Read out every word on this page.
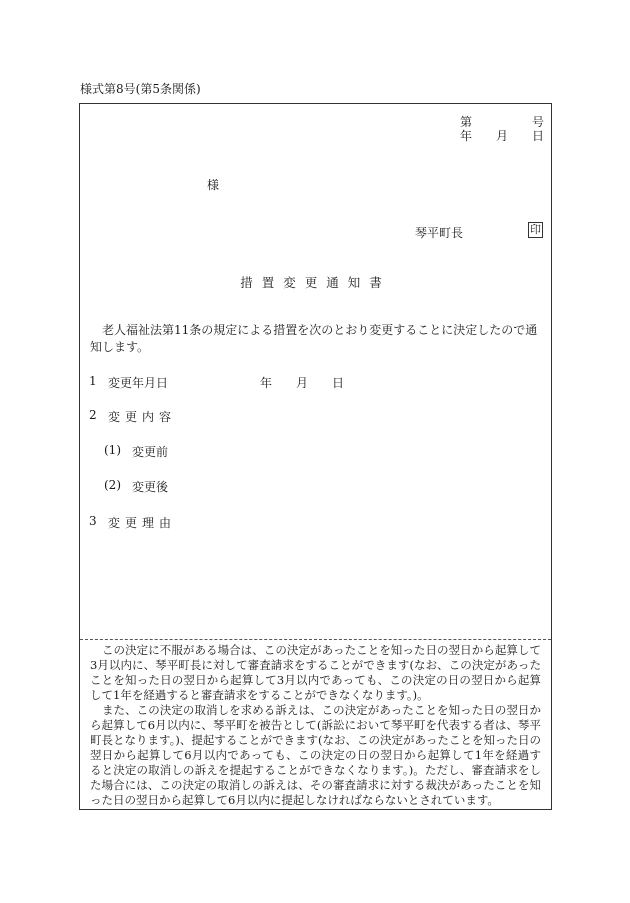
様式第8号(第5条関係)
第	号
年 月 日
様
琴平町長	印
措置変更通知書

老人福祉法第11条の規定による措置を次のとおり変更することに決定したので通知します。

1 変更年月日	年 月 日
2 変更内容
(1) 変更前
(2) 変更後
3 変更理由

この決定に不服がある場合は、この決定があったことを知った日の翌日から起算して3月以内に、琴平町長に対して審査請求をすることができます(なお、この決定があったことを知った日の翌日から起算して3月以内であっても、この決定の日の翌日から起算して1年を経過すると審査請求をすることができなくなります。)。

また、この決定の取消しを求める訴えは、この決定があったことを知った日の翌日から起算して6月以内に、琴平町を被告として(訴訟において琴平町を代表する者は、琴平町長となります。)、提起することができます(なお、この決定があったことを知った日の翌日から起算して6月以内であっても、この決定の日の翌日から起算して1年を経過すると決定の取消しの訴えを提起することができなくなります。)。ただし、審査請求をした場合には、この決定の取消しの訴えは、その審査請求に対する裁決があったことを知った日の翌日から起算して6月以内に提起しなければならないとされています。
